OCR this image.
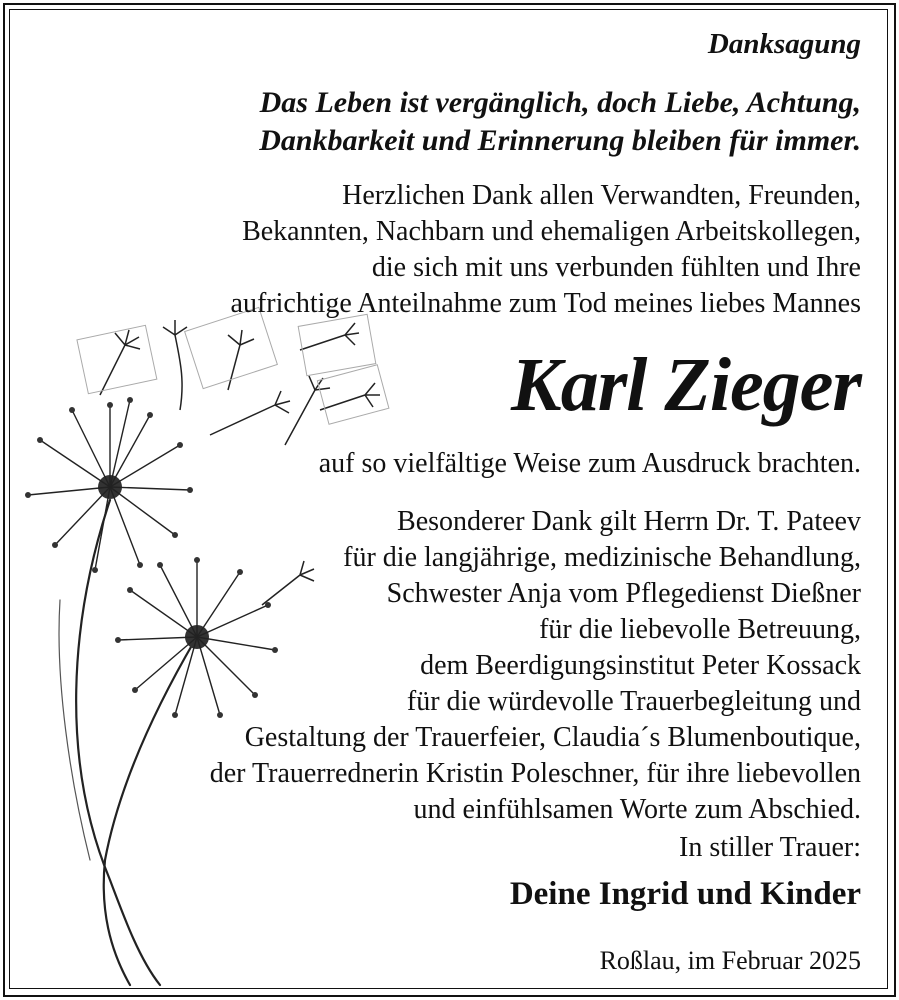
Danksagung

Das Leben ist vergänglich, doch Liebe, Achtung,
Dankbarkeit und Erinnerung bleiben für immer.

Herzlichen Dank allen Verwandten, Freunden,
Bekannten, Nachbarn und ehemaligen Arbeitskollegen,
die sich mit uns verbunden fühlten und Ihre
aufrichtige Anteilnahme zum Tod meines liebes Mannes

Karl Zieger

auf so vielfältige Weise zum Ausdruck brachten.

Besonderer Dank gilt Herrn Dr. T. Pateev
für die langjährige, medizinische Behandlung,
Schwester Anja vom Pflegedienst Dießner
für die liebevolle Betreuung,
dem Beerdigungsinstitut Peter Kossack
für die würdevolle Trauerbegleitung und
Gestaltung der Trauerfeier, Claudia´s Blumenboutique,
der Trauerrednerin Kristin Poleschner, für ihre liebevollen
und einfühlsamen Worte zum Abschied.

In stiller Trauer:

Deine Ingrid und Kinder

Roßlau, im Februar 2025
